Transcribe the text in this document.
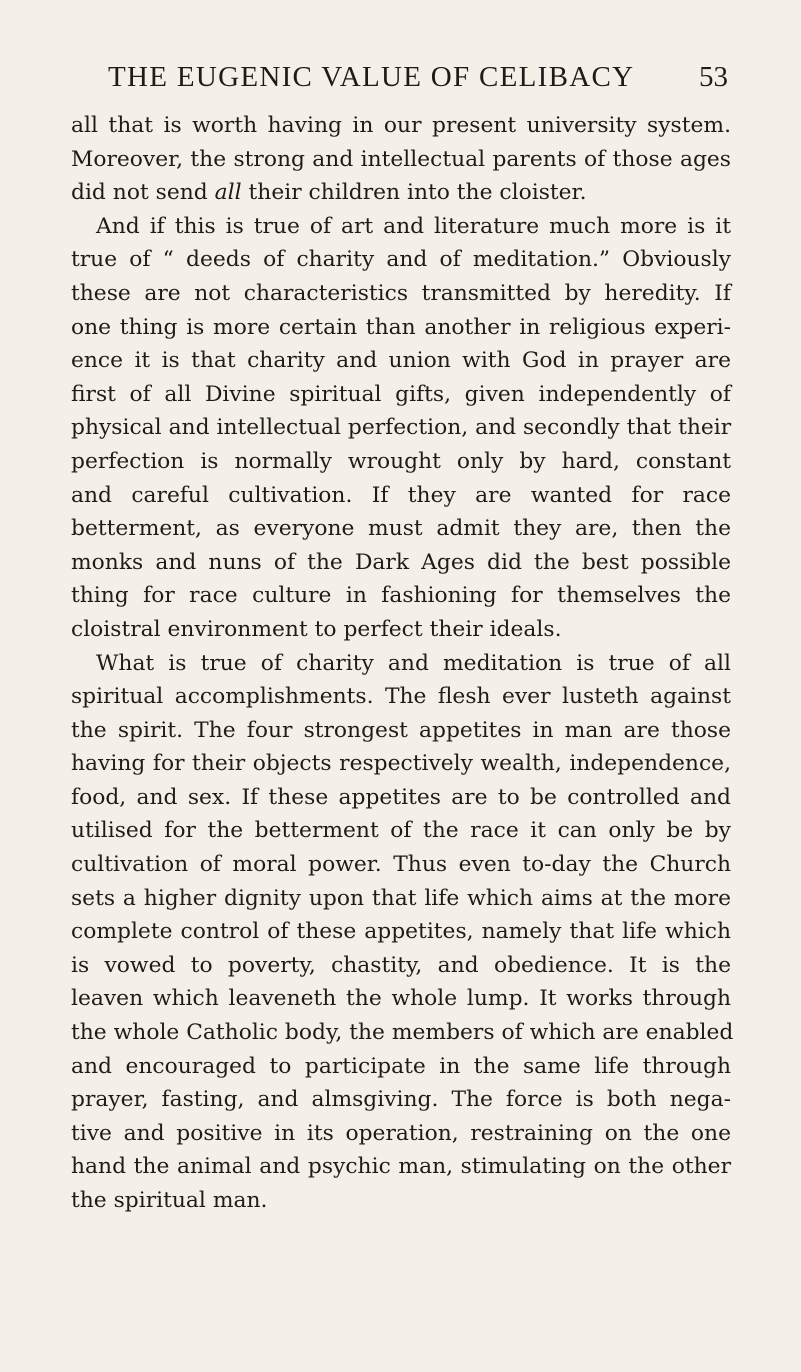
THE EUGENIC VALUE OF CELIBACY	53
all that is worth having in our present university system.
Moreover, the strong and intellectual parents of those ages
did not send all their children into the cloister.
And if this is true of art and literature much more is it
true of “ deeds of charity and of meditation.” Obviously
these are not characteristics transmitted by heredity. If
one thing is more certain than another in religious experi-
ence it is that charity and union with God in prayer are
first of all Divine spiritual gifts, given independently of
physical and intellectual perfection, and secondly that their
perfection is normally wrought only by hard, constant
and careful cultivation. If they are wanted for race
betterment, as everyone must admit they are, then the
monks and nuns of the Dark Ages did the best possible
thing for race culture in fashioning for themselves the
cloistral environment to perfect their ideals.
What is true of charity and meditation is true of all
spiritual accomplishments. The flesh ever lusteth against
the spirit. The four strongest appetites in man are those
having for their objects respectively wealth, independence,
food, and sex. If these appetites are to be controlled and
utilised for the betterment of the race it can only be by
cultivation of moral power. Thus even to-day the Church
sets a higher dignity upon that life which aims at the more
complete control of these appetites, namely that life which
is vowed to poverty, chastity, and obedience. It is the
leaven which leaveneth the whole lump. It works through
the whole Catholic body, the members of which are enabled
and encouraged to participate in the same life through
prayer, fasting, and almsgiving. The force is both nega-
tive and positive in its operation, restraining on the one
hand the animal and psychic man, stimulating on the other
the spiritual man.
